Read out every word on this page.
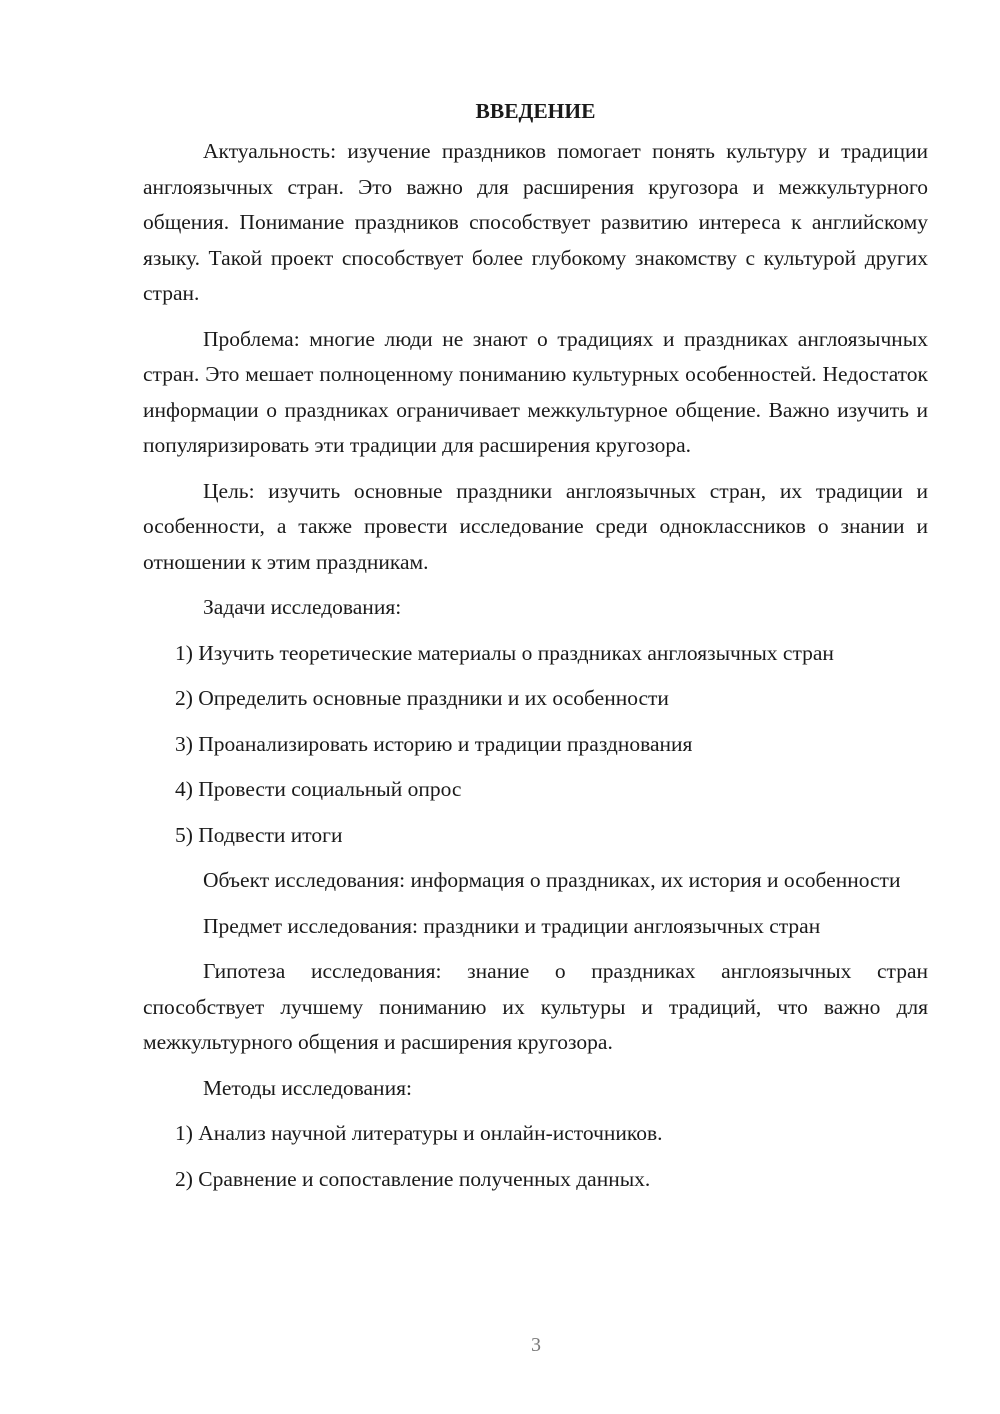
ВВЕДЕНИЕ

Актуальность: изучение праздников помогает понять культуру и традиции англоязычных стран. Это важно для расширения кругозора и межкультурного общения. Понимание праздников способствует развитию интереса к английскому языку. Такой проект способствует более глубокому знакомству с культурой других стран.

Проблема: многие люди не знают о традициях и праздниках англоязычных стран. Это мешает полноценному пониманию культурных особенностей. Недостаток информации о праздниках ограничивает межкультурное общение. Важно изучить и популяризировать эти традиции для расширения кругозора.

Цель: изучить основные праздники англоязычных стран, их традиции и особенности, а также провести исследование среди одноклассников о знании и отношении к этим праздникам.

Задачи исследования:

1) Изучить теоретические материалы о праздниках англоязычных стран

2) Определить основные праздники и их особенности

3) Проанализировать историю и традиции празднования

4) Провести социальный опрос

5) Подвести итоги

Объект исследования: информация о праздниках, их история и особенности

Предмет исследования: праздники и традиции англоязычных стран

Гипотеза исследования: знание о праздниках англоязычных стран способствует лучшему пониманию их культуры и традиций, что важно для межкультурного общения и расширения кругозора.

Методы исследования:

1) Анализ научной литературы и онлайн-источников.

2) Сравнение и сопоставление полученных данных.

3
